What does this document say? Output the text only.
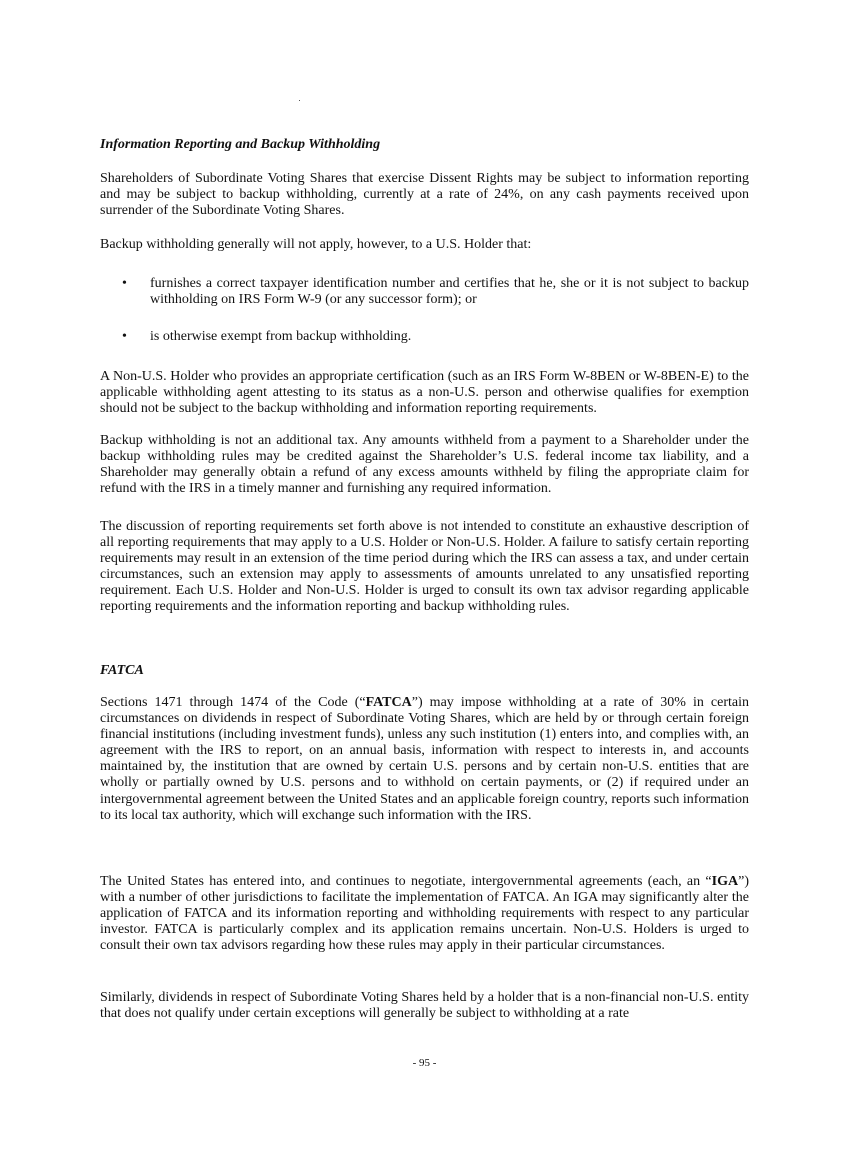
Information Reporting and Backup Withholding

Shareholders of Subordinate Voting Shares that exercise Dissent Rights may be subject to information reporting and may be subject to backup withholding, currently at a rate of 24%, on any cash payments received upon surrender of the Subordinate Voting Shares.

Backup withholding generally will not apply, however, to a U.S. Holder that:

•	furnishes a correct taxpayer identification number and certifies that he, she or it is not subject to backup withholding on IRS Form W-9 (or any successor form); or
•	is otherwise exempt from backup withholding.

A Non-U.S. Holder who provides an appropriate certification (such as an IRS Form W-8BEN or W-8BEN-E) to the applicable withholding agent attesting to its status as a non-U.S. person and otherwise qualifies for exemption should not be subject to the backup withholding and information reporting requirements.

Backup withholding is not an additional tax. Any amounts withheld from a payment to a Shareholder under the backup withholding rules may be credited against the Shareholder’s U.S. federal income tax liability, and a Shareholder may generally obtain a refund of any excess amounts withheld by filing the appropriate claim for refund with the IRS in a timely manner and furnishing any required information.

The discussion of reporting requirements set forth above is not intended to constitute an exhaustive description of all reporting requirements that may apply to a U.S. Holder or Non-U.S. Holder. A failure to satisfy certain reporting requirements may result in an extension of the time period during which the IRS can assess a tax, and under certain circumstances, such an extension may apply to assessments of amounts unrelated to any unsatisfied reporting requirement. Each U.S. Holder and Non-U.S. Holder is urged to consult its own tax advisor regarding applicable reporting requirements and the information reporting and backup withholding rules.

FATCA

Sections 1471 through 1474 of the Code (“FATCA”) may impose withholding at a rate of 30% in certain circumstances on dividends in respect of Subordinate Voting Shares, which are held by or through certain foreign financial institutions (including investment funds), unless any such institution (1) enters into, and complies with, an agreement with the IRS to report, on an annual basis, information with respect to interests in, and accounts maintained by, the institution that are owned by certain U.S. persons and by certain non-U.S. entities that are wholly or partially owned by U.S. persons and to withhold on certain payments, or (2) if required under an intergovernmental agreement between the United States and an applicable foreign country, reports such information to its local tax authority, which will exchange such information with the IRS.

The United States has entered into, and continues to negotiate, intergovernmental agreements (each, an “IGA”) with a number of other jurisdictions to facilitate the implementation of FATCA. An IGA may significantly alter the application of FATCA and its information reporting and withholding requirements with respect to any particular investor. FATCA is particularly complex and its application remains uncertain. Non-U.S. Holders is urged to consult their own tax advisors regarding how these rules may apply in their particular circumstances.

Similarly, dividends in respect of Subordinate Voting Shares held by a holder that is a non-financial non-U.S. entity that does not qualify under certain exceptions will generally be subject to withholding at a rate

- 95 -
